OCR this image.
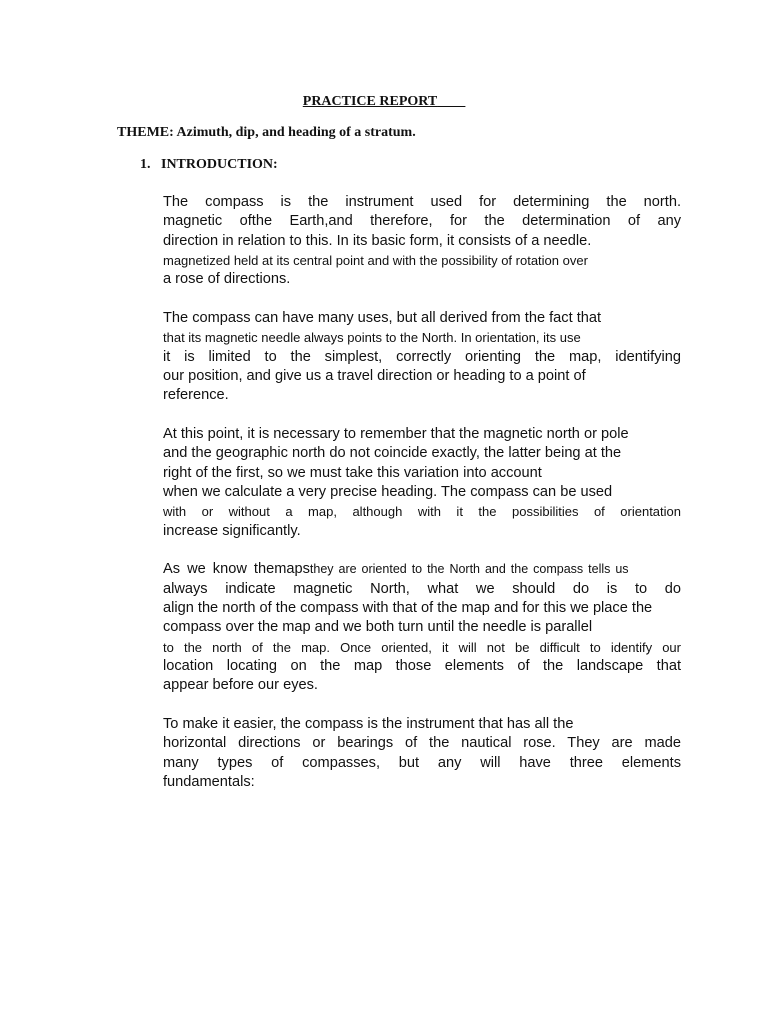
PRACTICE REPORT____
THEME: Azimuth, dip, and heading of a stratum.
1. INTRODUCTION:
The compass is the instrument used for determining the north.
magnetic ofthe Earth,and therefore, for the determination of any
direction in relation to this. In its basic form, it consists of a needle.
magnetized held at its central point and with the possibility of rotation over
a rose of directions.
The compass can have many uses, but all derived from the fact that
that its magnetic needle always points to the North. In orientation, its use
it is limited to the simplest, correctly orienting the map, identifying
our position, and give us a travel direction or heading to a point of
reference.
At this point, it is necessary to remember that the magnetic north or pole
and the geographic north do not coincide exactly, the latter being at the
right of the first, so we must take this variation into account
when we calculate a very precise heading. The compass can be used
with or without a map, although with it the possibilities of orientation
increase significantly.
As we know themapsthey are oriented to the North and the compass tells us
always indicate magnetic North, what we should do is to do
align the north of the compass with that of the map and for this we place the
compass over the map and we both turn until the needle is parallel
to the north of the map. Once oriented, it will not be difficult to identify our
location locating on the map those elements of the landscape that
appear before our eyes.
To make it easier, the compass is the instrument that has all the
horizontal directions or bearings of the nautical rose. They are made
many types of compasses, but any will have three elements
fundamentals:
